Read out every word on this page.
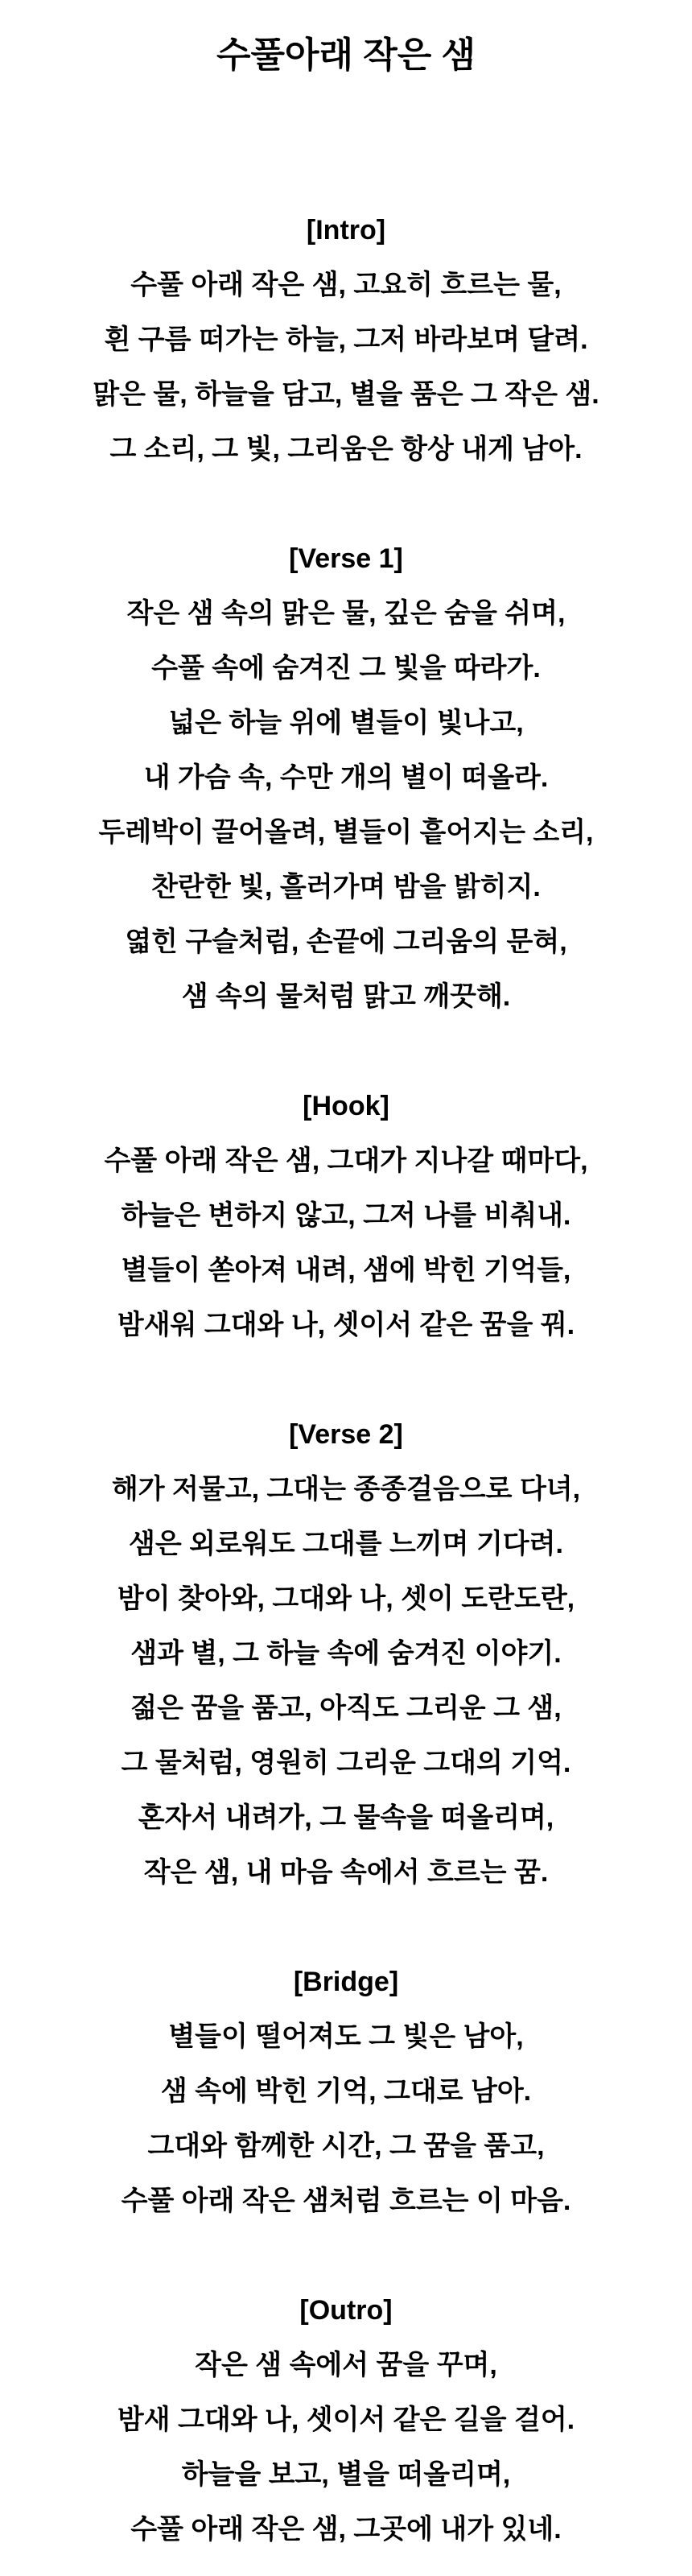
수풀아래 작은 샘

[Intro]

수풀 아래 작은 샘, 고요히 흐르는 물,

흰 구름 떠가는 하늘, 그저 바라보며 달려.

맑은 물, 하늘을 담고, 별을 품은 그 작은 샘.

그 소리, 그 빛, 그리움은 항상 내게 남아.

[Verse 1]

작은 샘 속의 맑은 물, 깊은 숨을 쉬며,

수풀 속에 숨겨진 그 빛을 따라가.

넓은 하늘 위에 별들이 빛나고,

내 가슴 속, 수만 개의 별이 떠올라.

두레박이 끌어올려, 별들이 흩어지는 소리,

찬란한 빛, 흘러가며 밤을 밝히지.

엷힌 구슬처럼, 손끝에 그리움의 문혀,

샘 속의 물처럼 맑고 깨끗해.

[Hook]

수풀 아래 작은 샘, 그대가 지나갈 때마다,

하늘은 변하지 않고, 그저 나를 비춰내.

별들이 쏟아져 내려, 샘에 박힌 기억들,

밤새워 그대와 나, 셋이서 같은 꿈을 꿔.

[Verse 2]

해가 저물고, 그대는 종종걸음으로 다녀,

샘은 외로워도 그대를 느끼며 기다려.

밤이 찾아와, 그대와 나, 셋이 도란도란,

샘과 별, 그 하늘 속에 숨겨진 이야기.

젊은 꿈을 품고, 아직도 그리운 그 샘,

그 물처럼, 영원히 그리운 그대의 기억.

혼자서 내려가, 그 물속을 떠올리며,

작은 샘, 내 마음 속에서 흐르는 꿈.

[Bridge]

별들이 떨어져도 그 빛은 남아,

샘 속에 박힌 기억, 그대로 남아.

그대와 함께한 시간, 그 꿈을 품고,

수풀 아래 작은 샘처럼 흐르는 이 마음.

[Outro]

작은 샘 속에서 꿈을 꾸며,

밤새 그대와 나, 셋이서 같은 길을 걸어.

하늘을 보고, 별을 떠올리며,

수풀 아래 작은 샘, 그곳에 내가 있네.
